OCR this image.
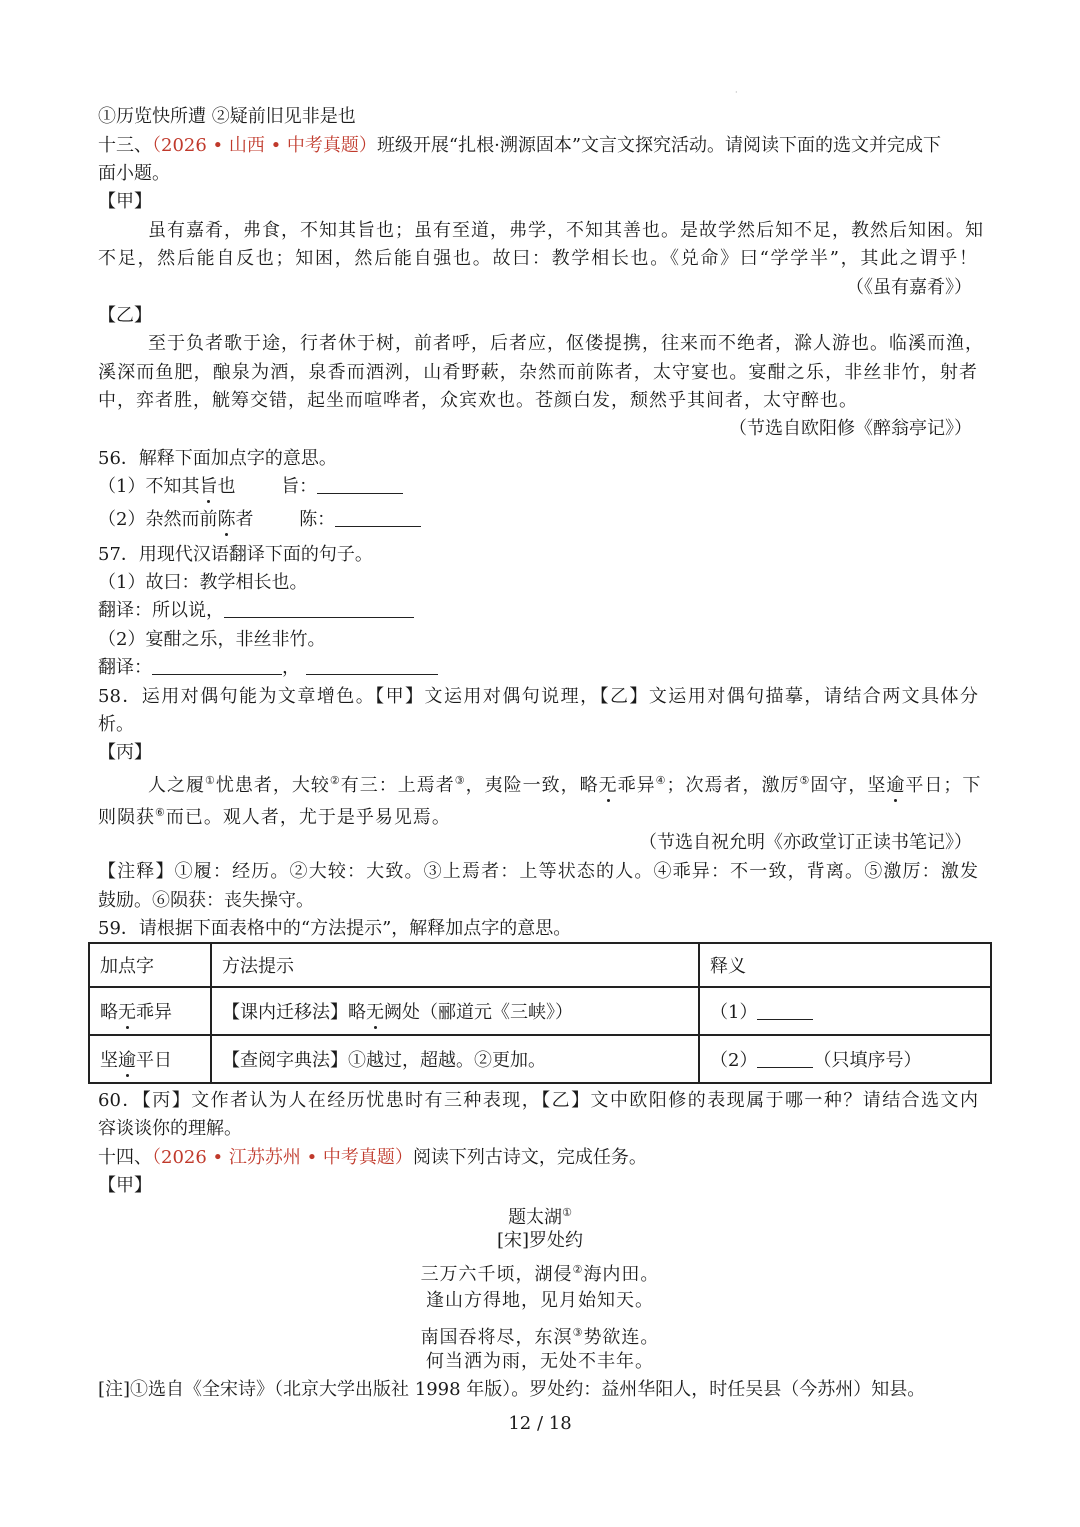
·
①历览快所遭 ②疑前旧见非是也
十三、（2026 • 山西 • 中考真题）班级开展“扎根·溯源固本”文言文探究活动。请阅读下面的选文并完成下
面小题。
【甲】
虽有嘉肴，弗食，不知其旨也；虽有至道，弗学，不知其善也。是故学然后知不足，教然后知困。知
不足，然后能自反也；知困，然后能自强也。故曰：教学相长也。《兑命》曰“学学半”，其此之谓乎！
（《虽有嘉肴》）
【乙】
至于负者歌于途，行者休于树，前者呼，后者应，伛偻提携，往来而不绝者，滁人游也。临溪而渔，
溪深而鱼肥，酿泉为酒，泉香而酒洌，山肴野蔌，杂然而前陈者，太守宴也。宴酣之乐，非丝非竹，射者
中，弈者胜，觥筹交错，起坐而喧哗者，众宾欢也。苍颜白发，颓然乎其间者，太守醉也。
（节选自欧阳修《醉翁亭记》）
56．解释下面加点字的意思。
（1）不知其旨也	旨：
（2）杂然而前陈者	陈：
57．用现代汉语翻译下面的句子。
（1）故曰：教学相长也。
翻译：所以说，
（2）宴酣之乐，非丝非竹。
翻译：	，
58．运用对偶句能为文章增色。【甲】文运用对偶句说理，【乙】文运用对偶句描摹，请结合两文具体分
析。
【丙】
人之履①忧患者，大较②有三：上焉者③，夷险一致，略无乖异④；次焉者，激厉⑤固守，坚逾平日；下
则陨获⑥而已。观人者，尤于是乎易见焉。
（节选自祝允明《亦政堂订正读书笔记》）
【注释】①履：经历。②大较：大致。③上焉者：上等状态的人。④乖异：不一致，背离。⑤激厉：激发
鼓励。⑥陨获：丧失操守。
59．请根据下面表格中的“方法提示”，解释加点字的意思。
加点字	方法提示	释义
略无乖异	【课内迁移法】略无阙处（郦道元《三峡》）	（1）
坚逾平日	【查阅字典法】①越过，超越。②更加。	（2） （只填序号）
60．【丙】文作者认为人在经历忧患时有三种表现，【乙】文中欧阳修的表现属于哪一种？请结合选文内
容谈谈你的理解。
十四、（2026 • 江苏苏州 • 中考真题）阅读下列古诗文，完成任务。
【甲】
题太湖①
[宋]罗处约
三万六千顷，湖侵②海内田。
逢山方得地，见月始知天。
南国吞将尽，东溟③势欲连。
何当洒为雨，无处不丰年。
[注]①选自《全宋诗》（北京大学出版社 1998 年版）。罗处约：益州华阳人，时任吴县（今苏州）知县。
12 / 18
